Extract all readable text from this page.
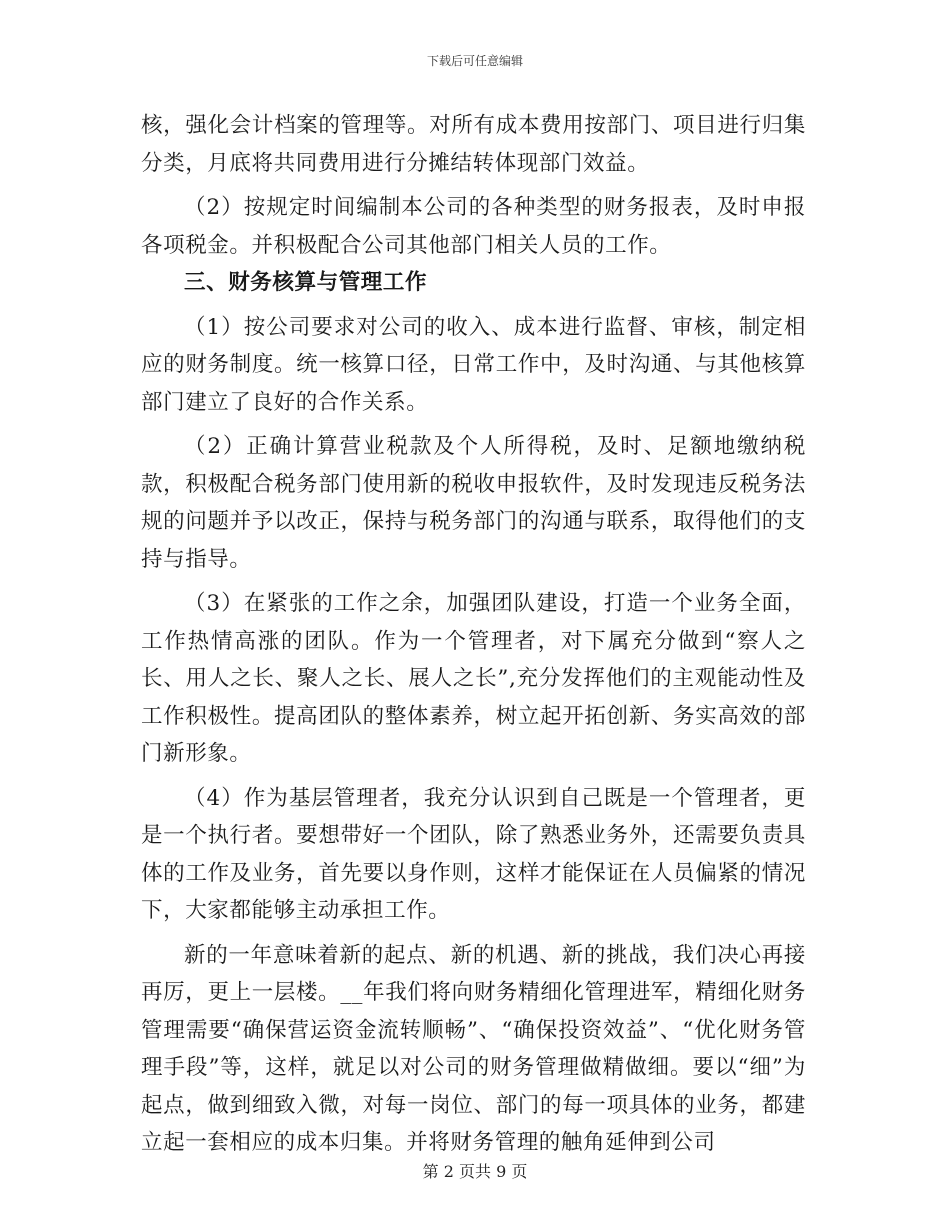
下载后可任意编辑

核，强化会计档案的管理等。对所有成本费用按部门、项目进行归集分类，月底将共同费用进行分摊结转体现部门效益。

（2）按规定时间编制本公司的各种类型的财务报表，及时申报各项税金。并积极配合公司其他部门相关人员的工作。

三、财务核算与管理工作

（1）按公司要求对公司的收入、成本进行监督、审核，制定相应的财务制度。统一核算口径，日常工作中，及时沟通、与其他核算部门建立了良好的合作关系。

（2）正确计算营业税款及个人所得税，及时、足额地缴纳税款，积极配合税务部门使用新的税收申报软件，及时发现违反税务法规的问题并予以改正，保持与税务部门的沟通与联系，取得他们的支持与指导。

（3）在紧张的工作之余，加强团队建设，打造一个业务全面，工作热情高涨的团队。作为一个管理者，对下属充分做到“察人之长、用人之长、聚人之长、展人之长”,充分发挥他们的主观能动性及工作积极性。提高团队的整体素养，树立起开拓创新、务实高效的部门新形象。

（4）作为基层管理者，我充分认识到自己既是一个管理者，更是一个执行者。要想带好一个团队，除了熟悉业务外，还需要负责具体的工作及业务，首先要以身作则，这样才能保证在人员偏紧的情况下，大家都能够主动承担工作。

新的一年意味着新的起点、新的机遇、新的挑战，我们决心再接再厉，更上一层楼。__年我们将向财务精细化管理进军，精细化财务管理需要“确保营运资金流转顺畅”、“确保投资效益”、“优化财务管理手段”等，这样，就足以对公司的财务管理做精做细。要以“细”为起点，做到细致入微，对每一岗位、部门的每一项具体的业务，都建立起一套相应的成本归集。并将财务管理的触角延伸到公司

第 2 页共 9 页
